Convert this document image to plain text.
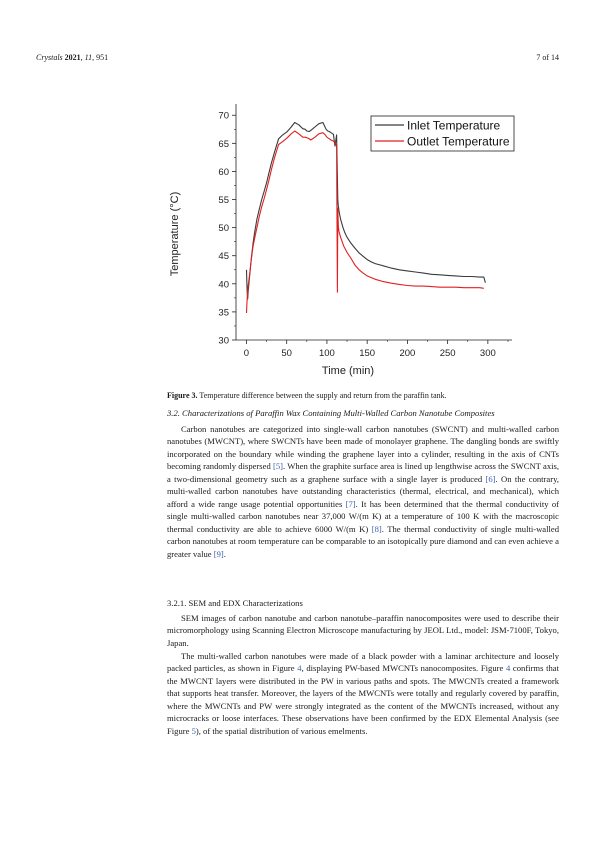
Crystals 2021, 11, 951	7 of 14
30
35
40
45
50
55
60
65
70
0	50	100	150	200	250	300
Temperature (°C)
Time (min)
Inlet Temperature
Outlet Temperature
Figure 3. Temperature difference between the supply and return from the paraffin tank.
3.2. Characterizations of Paraffin Wax Containing Multi-Walled Carbon Nanotube Composites
Carbon nanotubes are categorized into single-wall carbon nanotubes (SWCNT) and multi-walled carbon nanotubes (MWCNT), where SWCNTs have been made of monolayer graphene. The dangling bonds are swiftly incorporated on the boundary while winding the graphene layer into a cylinder, resulting in the axis of CNTs becoming randomly dispersed [5]. When the graphite surface area is lined up lengthwise across the SWCNT axis, a two-dimensional geometry such as a graphene surface with a single layer is produced [6]. On the contrary, multi-walled carbon nanotubes have outstanding characteristics (thermal, electrical, and mechanical), which afford a wide range usage potential opportunities [7]. It has been determined that the thermal conductivity of single multi-walled carbon nanotubes near 37,000 W/(m K) at a temperature of 100 K with the macroscopic thermal conductivity are able to achieve 6000 W/(m K) [8]. The thermal conductivity of single multi-walled carbon nanotubes at room temperature can be comparable to an isotopically pure diamond and can even achieve a greater value [9].
3.2.1. SEM and EDX Characterizations
SEM images of carbon nanotube and carbon nanotube–paraffin nanocomposites were used to describe their micromorphology using Scanning Electron Microscope manufacturing by JEOL Ltd., model: JSM-7100F, Tokyo, Japan.
The multi-walled carbon nanotubes were made of a black powder with a laminar architecture and loosely packed particles, as shown in Figure 4, displaying PW-based MWCNTs nanocomposites. Figure 4 confirms that the MWCNT layers were distributed in the PW in various paths and spots. The MWCNTs created a framework that supports heat transfer. Moreover, the layers of the MWCNTs were totally and regularly covered by paraffin, where the MWCNTs and PW were strongly integrated as the content of the MWCNTs increased, without any microcracks or loose interfaces. These observations have been confirmed by the EDX Elemental Analysis (see Figure 5), of the spatial distribution of various emelments.
